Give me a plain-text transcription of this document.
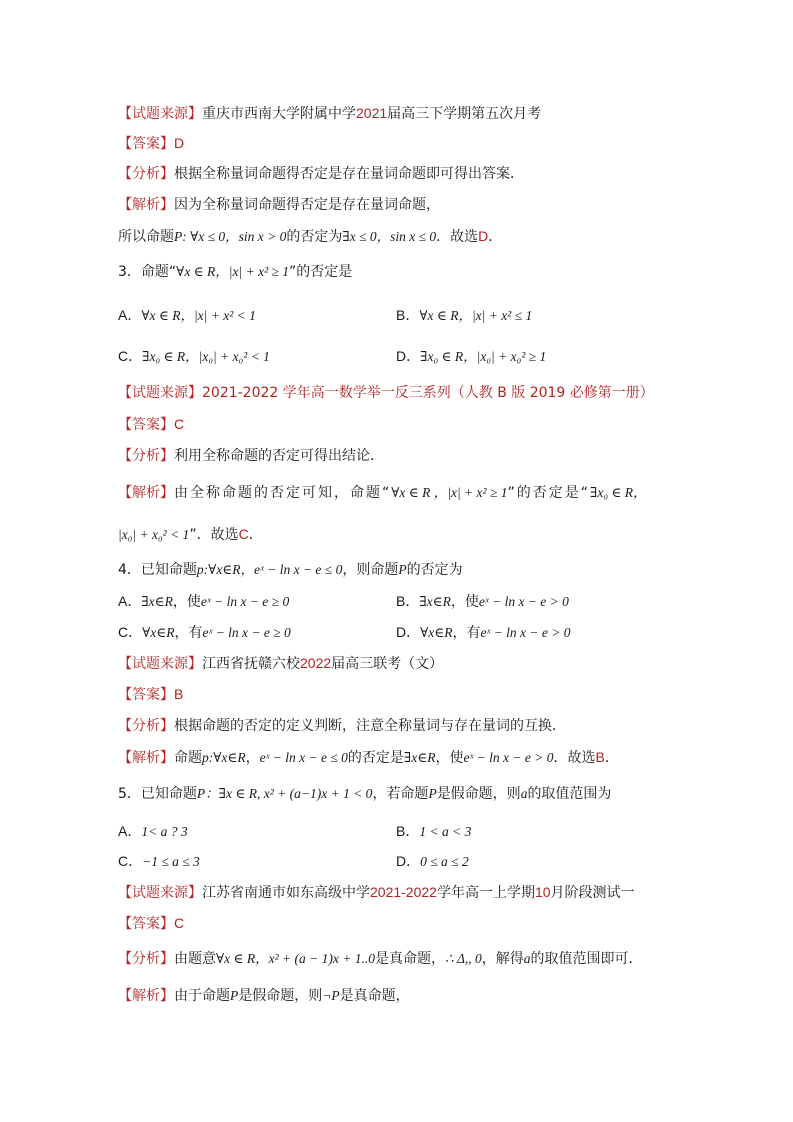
【试题来源】重庆市西南大学附属中学2021届高三下学期第五次月考
【答案】D
【分析】根据全称量词命题得否定是存在量词命题即可得出答案．
【解析】因为全称量词命题得否定是存在量词命题，
所以命题P: ∀x ≤ 0，sin x > 0的否定为∃x ≤ 0，sin x ≤ 0．故选D．
3．命题“∀x ∈ R，|x| + x² ≥ 1”的否定是
A．∀x ∈ R，|x| + x² < 1	B．∀x ∈ R，|x| + x² ≤ 1
C．∃x₀ ∈ R，|x₀| + x₀² < 1	D．∃x₀ ∈ R，|x₀| + x₀² ≥ 1
【试题来源】2021-2022 学年高一数学举一反三系列（人教 B 版 2019 必修第一册）
【答案】C
【分析】利用全称命题的否定可得出结论．
【解析】由全称命题的否定可知，命题“∀x ∈ R ，|x| + x² ≥ 1”的否定是“∃x₀ ∈ R，
|x₀| + x₀² < 1”．故选C．
4．已知命题p:∀x∈R，eˣ − ln x − e ≤ 0，则命题P的否定为
A．∃x∈R，使eˣ − ln x − e ≥ 0	B．∃x∈R，使eˣ − ln x − e > 0
C．∀x∈R，有eˣ − ln x − e ≥ 0	D．∀x∈R，有eˣ − ln x − e > 0
【试题来源】江西省抚赣六校2022届高三联考（文）
【答案】B
【分析】根据命题的否定的定义判断，注意全称量词与存在量词的互换．
【解析】命题p:∀x∈R，eˣ − ln x − e ≤ 0的否定是∃x∈R，使eˣ − ln x − e > 0．故选B．
5．已知命题P：∃x ∈ R, x² + (a−1)x + 1 < 0，若命题P是假命题，则a的取值范围为
A．1< a ? 3	B．1 < a < 3
C．−1 ≤ a ≤ 3	D．0 ≤ a ≤ 2
【试题来源】江苏省南通市如东高级中学2021-2022学年高一上学期10月阶段测试一
【答案】C
【分析】由题意∀x ∈ R，x² + (a − 1)x + 1..0是真命题，∴ Δ,, 0，解得a的取值范围即可．
【解析】由于命题P是假命题，则¬P是真命题，
